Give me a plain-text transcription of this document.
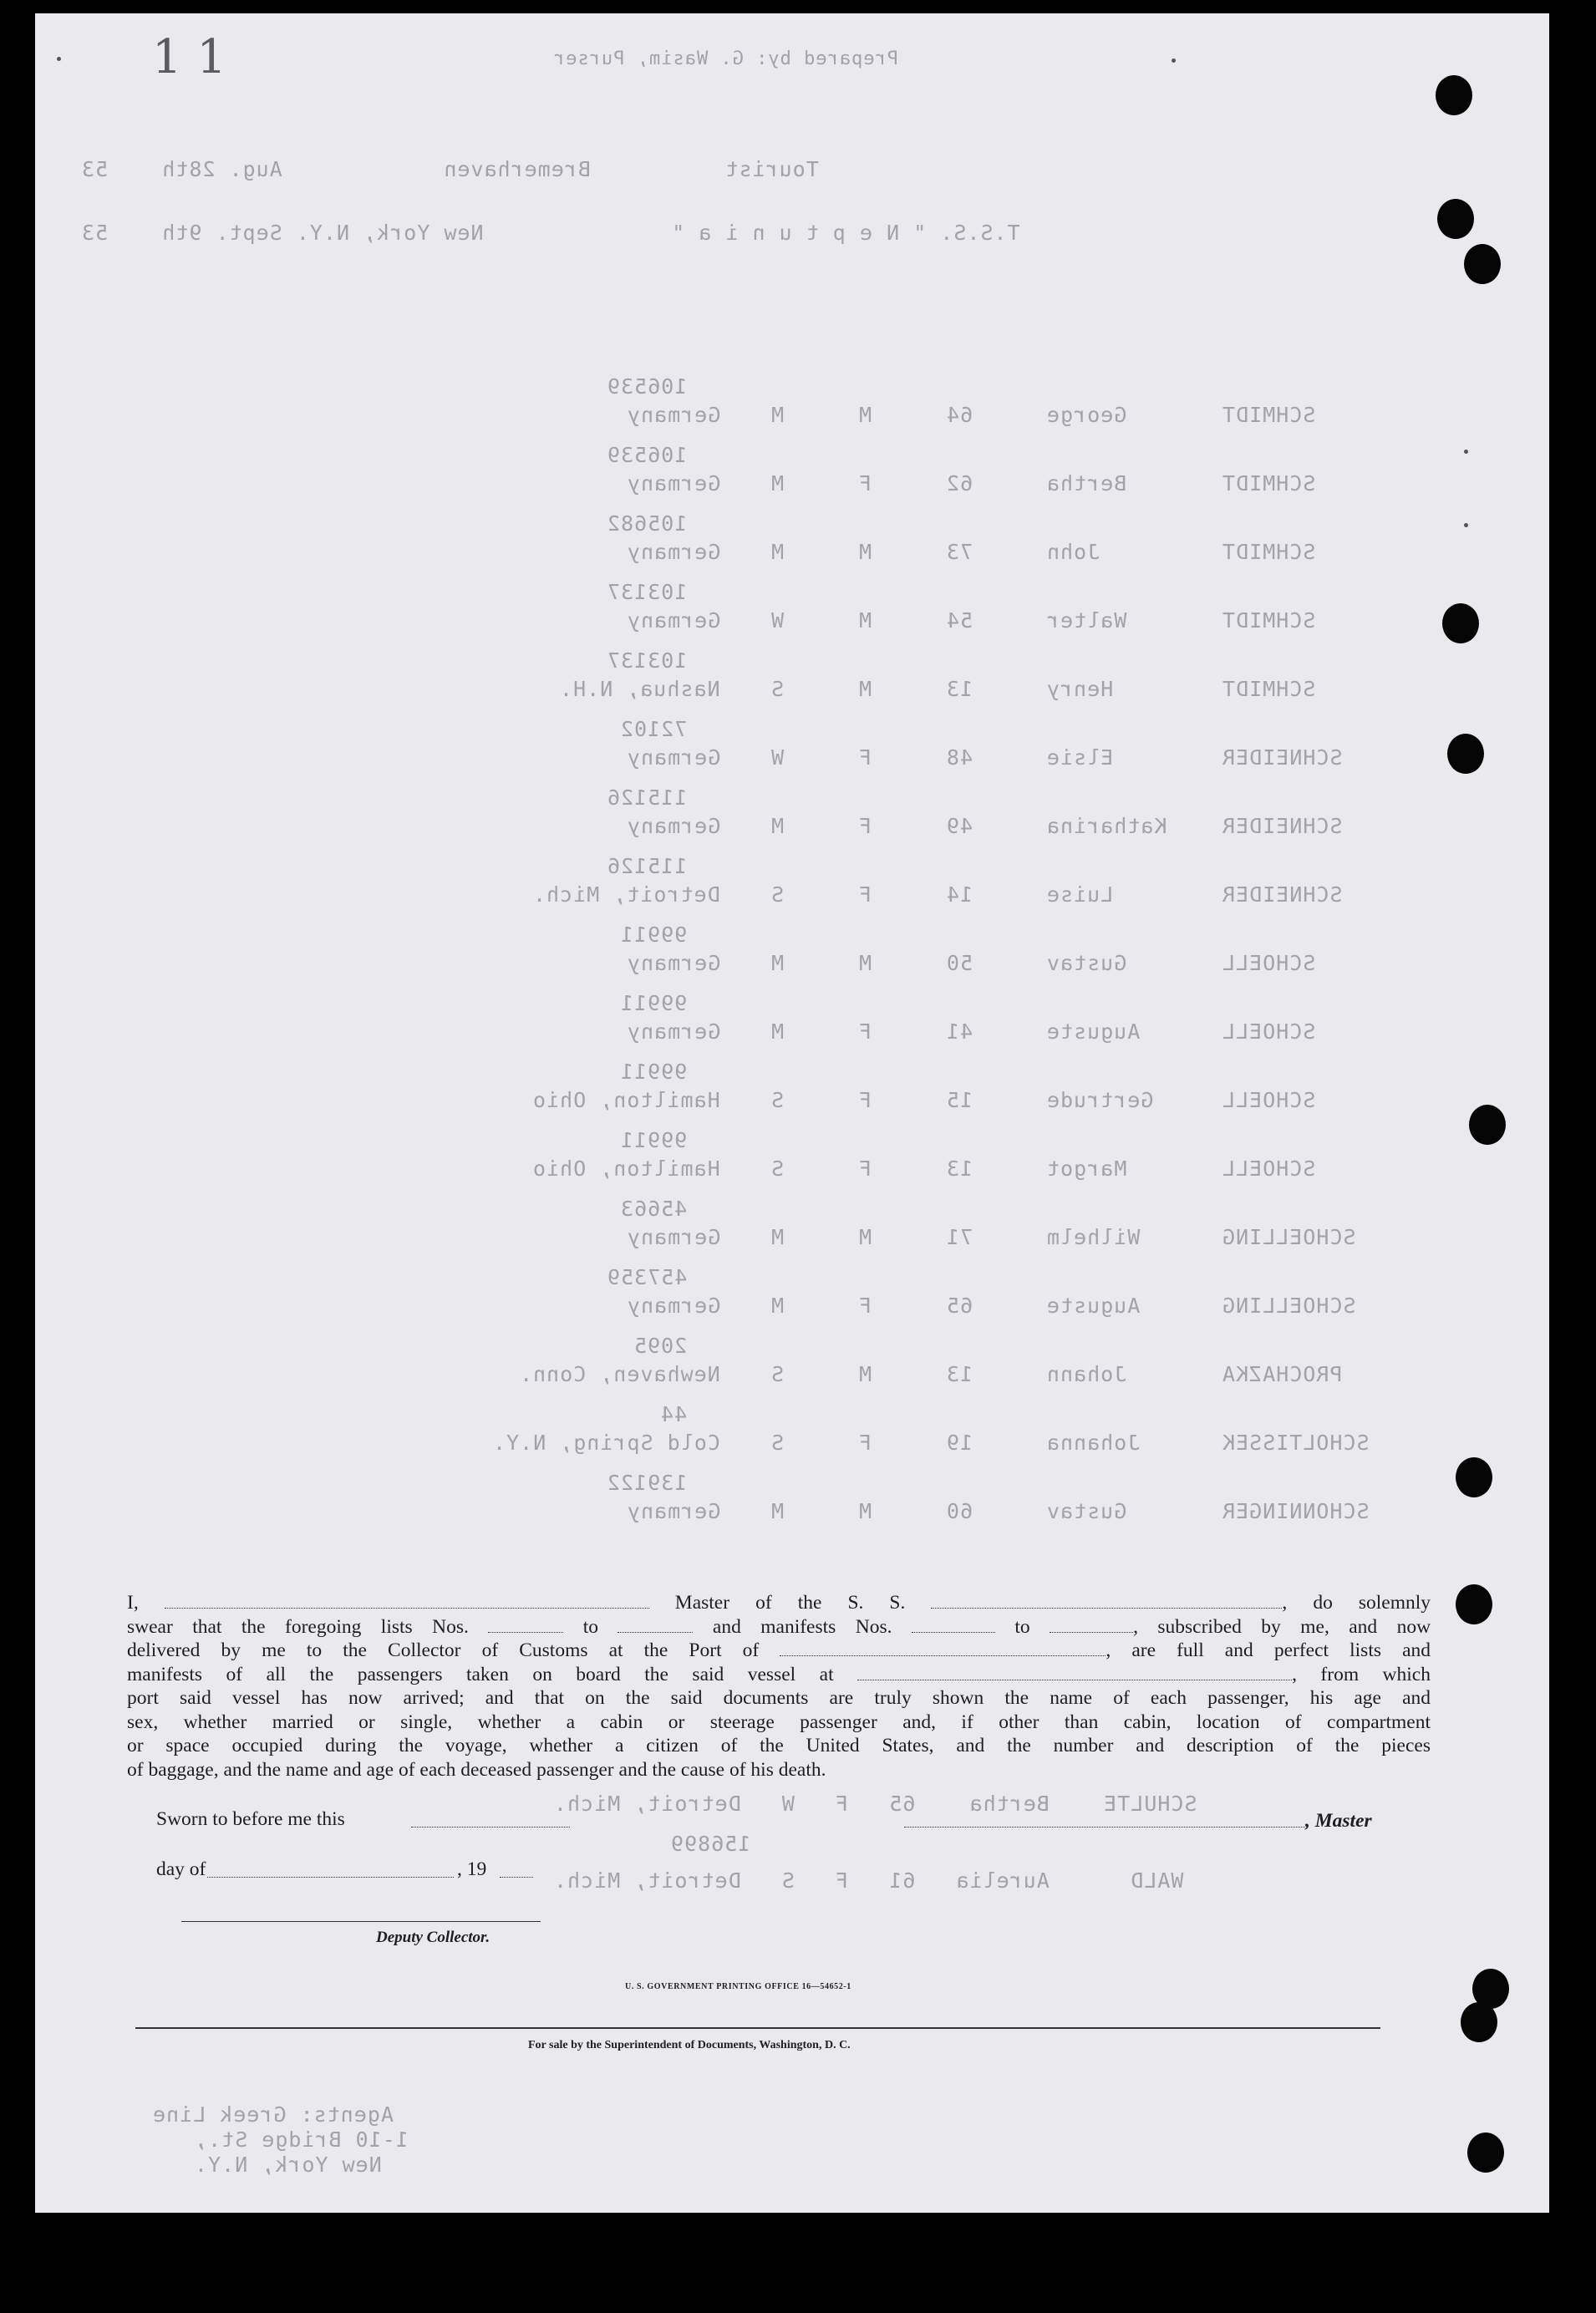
1 1	Prepared by: G. Wasim, Purser
Tourist          Bremerhaven            Aug. 28th    53
T.S.S. " N e p t u n i a "              New York, N.Y. Sept. 9th    53
106539
Germany M	M	64	George	SCHMIDT
106539
Germany M	F	62	Bertha	SCHMIDT
105682
Germany M	M	73	John	SCHMIDT
103137
Germany W	M	54	Walter	SCHMIDT
103137
Nashua, N.H. S	M	13	Henry	SCHMIDT
72102
Germany W	F	48	Elsie	SCHNEIDER
115126
Germany M	F	49	Katharina	SCHNEIDER
115126
Detroit, Mich. S	F	14	Luise	SCHNEIDER
99911
Germany M	M	50	Gustav	SCHOELL
99911
Germany M	F	41	Auguste	SCHOELL
99911
Hamilton, Ohio S	F	15	Gertrude	SCHOELL
99911
Hamilton, Ohio S	F	13	Margot	SCHOELL
45663
Germany M	M	71	Wilhelm	SCHOELLING
457359
Germany M	F	65	Auguste	SCHOELLING
2095
Newhaven, Conn. S	M	13	Johann	PROCHAZKA
44
Cold Spring, N.Y. S	F	19	Johanna	SCHOLTISSEK
139122
Germany M	M	60	Gustav	SCHONNINGER
SCHULTE    Bertha    65   F   W   Detroit, Mich.
156899
WALD      Aurelia   61   F   S   Detroit, Mich.
Agents: Greek Line
1-10 Bridge St.,
New York, N.Y.

I,	Master of the S. S.	, do solemnly

swear that the foregoing lists Nos.	to	and manifests Nos.	to	, subscribed by me, and now

delivered by me to the Collector of Customs at the Port of	, are full and perfect lists and

manifests of all the passengers taken on board the said vessel at	, from which

port said vessel has now arrived; and that on the said documents are truly shown the name of each passenger, his age and

sex, whether married or single, whether a cabin or steerage passenger and, if other than cabin, location of compartment

or space occupied during the voyage, whether a citizen of the United States, and the number and description of the pieces

of baggage, and the name and age of each deceased passenger and the cause of his death.

Sworn to before me this	, Master
day of	, 19
Deputy Collector.
U. S. GOVERNMENT PRINTING OFFICE 16—54652-1
For sale by the Superintendent of Documents, Washington, D. C.
